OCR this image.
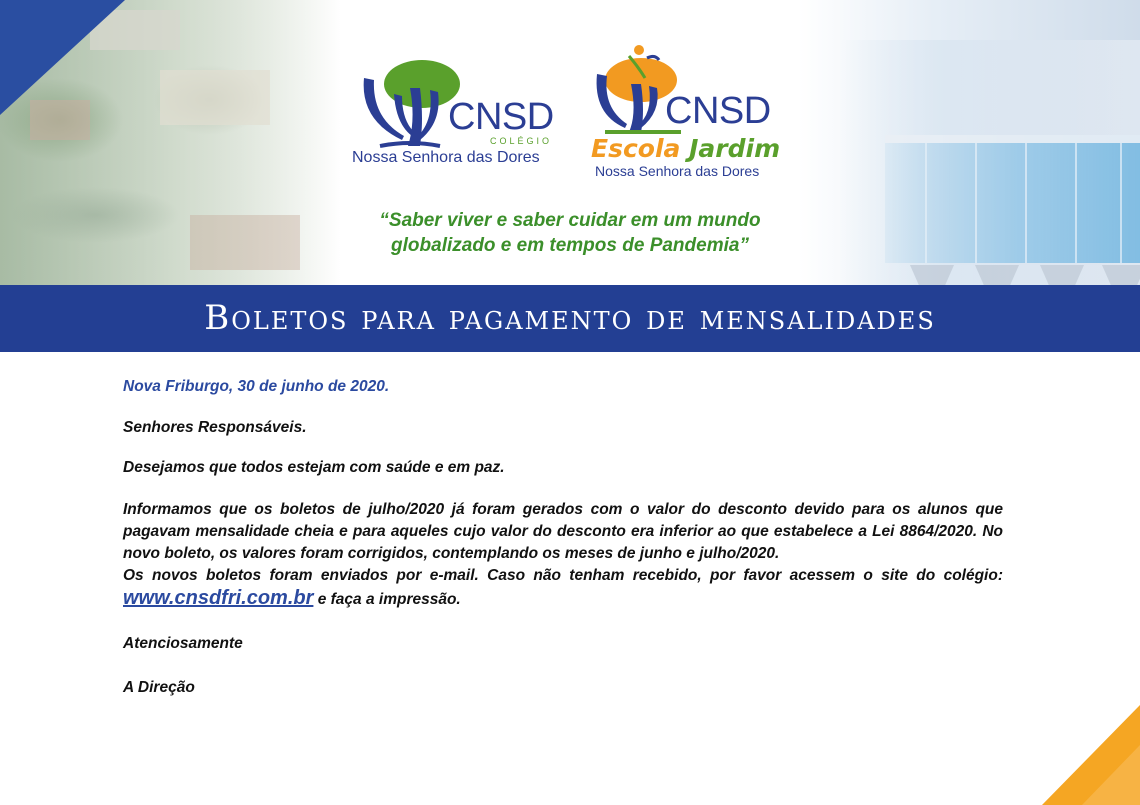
CNSD
COLÉGIO
Nossa Senhora das Dores
CNSD
Escola Jardim
Nossa Senhora das Dores
“Saber viver e saber cuidar em um mundo
globalizado e em tempos de Pandemia”
Boletos para pagamento de mensalidades

Nova Friburgo, 30 de junho de 2020.

Senhores Responsáveis.

Desejamos que todos estejam com saúde e em paz.

Informamos que os boletos de julho/2020 já foram gerados com o valor do desconto devido para os alunos que pagavam mensalidade cheia e para aqueles cujo valor do desconto era inferior ao que estabelece a Lei 8864/2020. No novo boleto, os valores foram corrigidos, contemplando os meses de junho e julho/2020.

Os novos boletos foram enviados por e-mail. Caso não tenham recebido, por favor acessem o site do colégio: www.cnsdfri.com.br e faça a impressão.

Atenciosamente

A Direção
